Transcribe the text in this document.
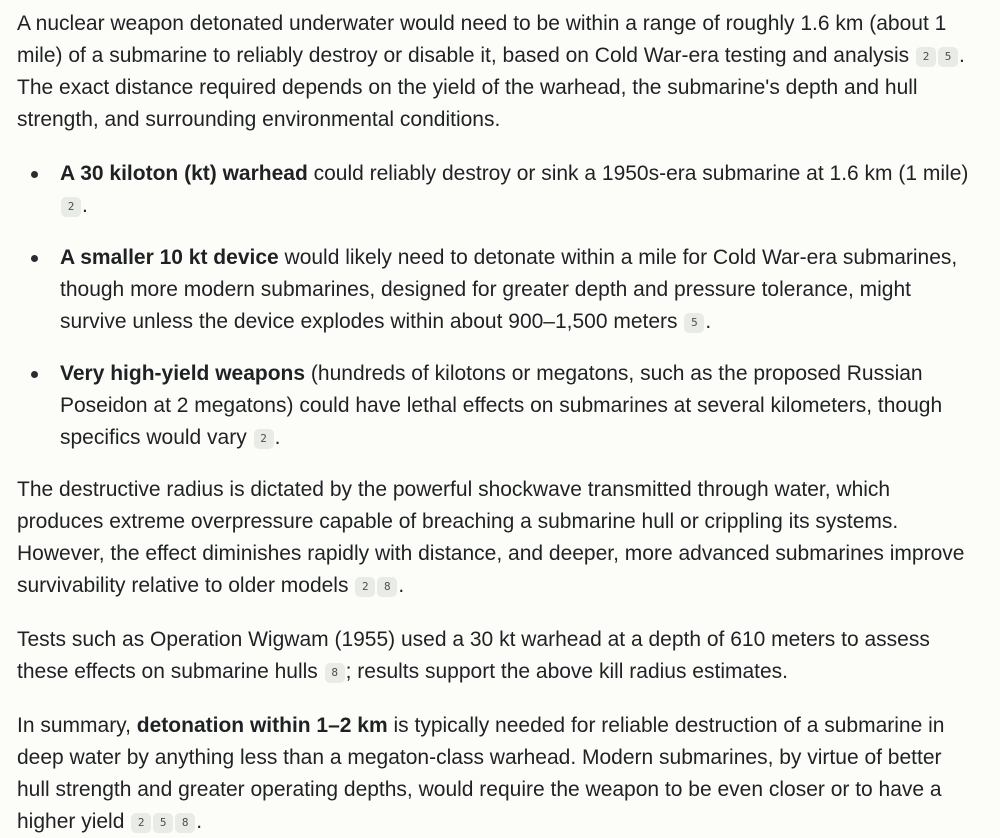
A nuclear weapon detonated underwater would need to be within a range of roughly 1.6 km (about 1 mile) of a submarine to reliably destroy or disable it, based on Cold War-era testing and analysis 2 5 . The exact distance required depends on the yield of the warhead, the submarine's depth and hull strength, and surrounding environmental conditions.

A 30 kiloton (kt) warhead could reliably destroy or sink a 1950s-era submarine at 1.6 km (1 mile) 2 .
A smaller 10 kt device would likely need to detonate within a mile for Cold War-era submarines, though more modern submarines, designed for greater depth and pressure tolerance, might survive unless the device explodes within about 900–1,500 meters 5 .
Very high-yield weapons (hundreds of kilotons or megatons, such as the proposed Russian Poseidon at 2 megatons) could have lethal effects on submarines at several kilometers, though specifics would vary 2 .

The destructive radius is dictated by the powerful shockwave transmitted through water, which produces extreme overpressure capable of breaching a submarine hull or crippling its systems. However, the effect diminishes rapidly with distance, and deeper, more advanced submarines improve survivability relative to older models 2 8 .

Tests such as Operation Wigwam (1955) used a 30 kt warhead at a depth of 610 meters to assess these effects on submarine hulls 8 ; results support the above kill radius estimates.

In summary, detonation within 1–2 km is typically needed for reliable destruction of a submarine in deep water by anything less than a megaton-class warhead. Modern submarines, by virtue of better hull strength and greater operating depths, would require the weapon to be even closer or to have a higher yield 2 5 8 .
